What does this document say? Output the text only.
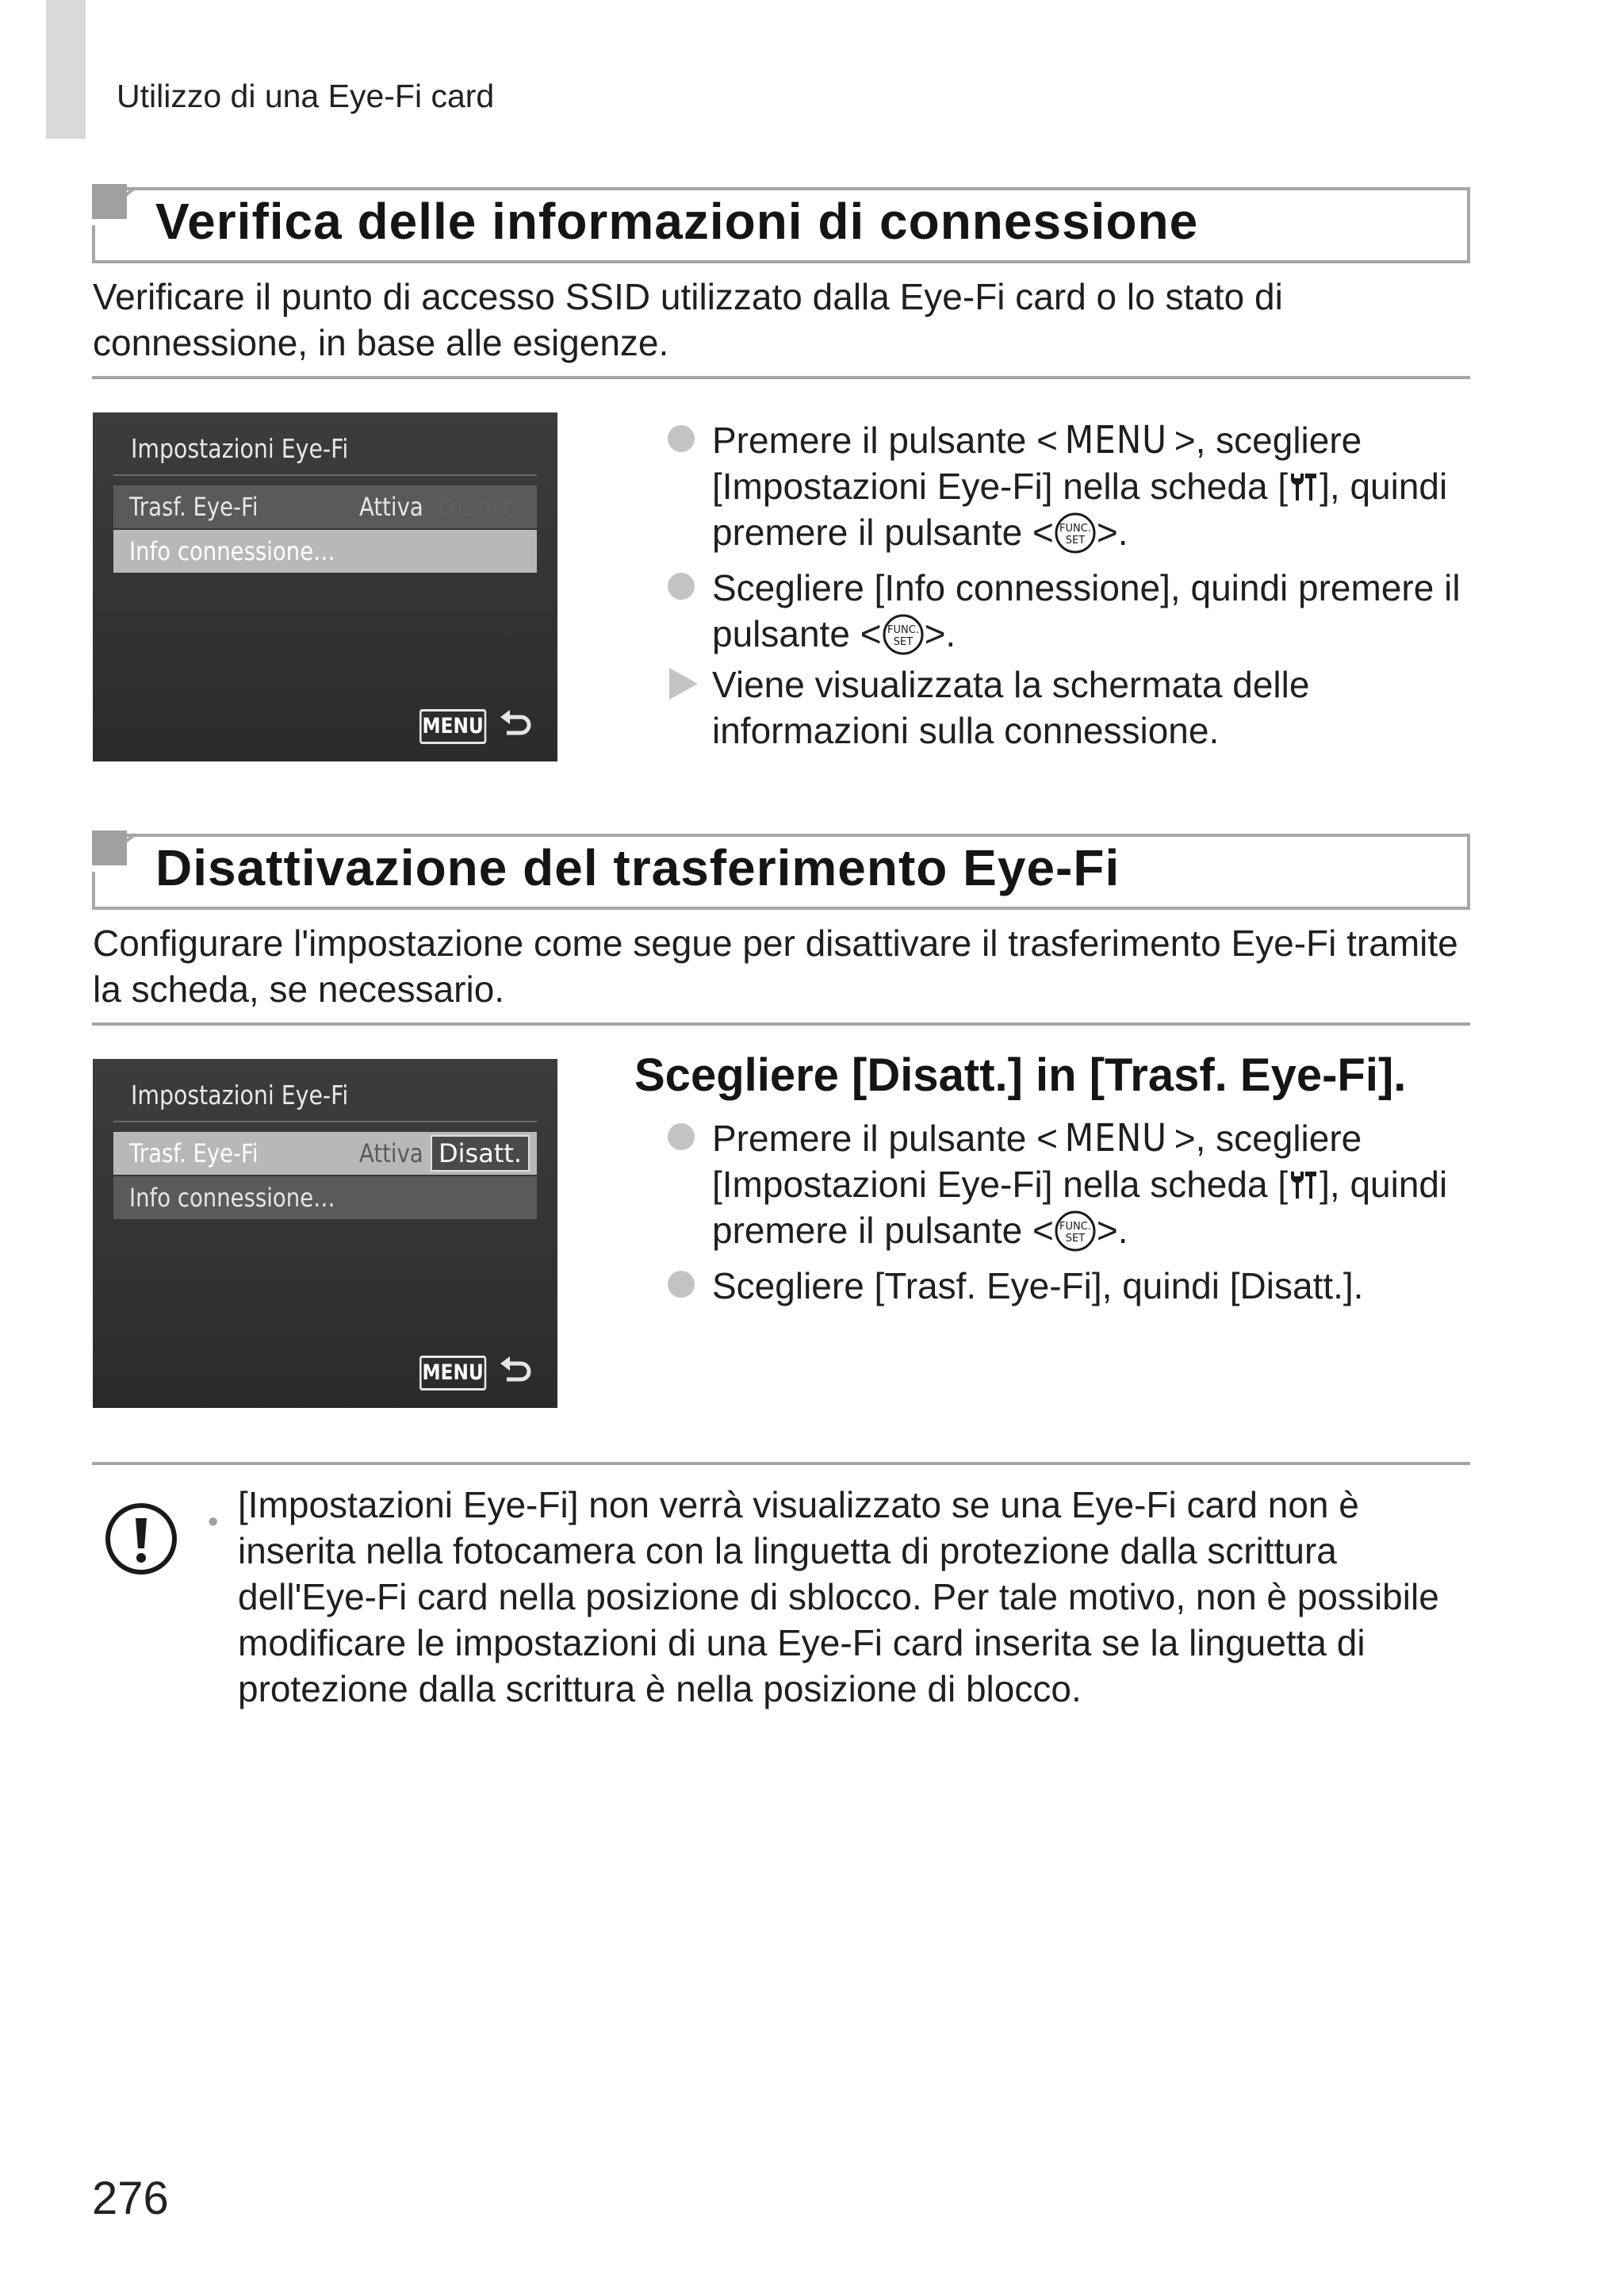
Utilizzo di una Eye-Fi card
Verifica delle informazioni di connessione
Verificare il punto di accesso SSID utilizzato dalla Eye-Fi card o lo stato di connessione, in base alle esigenze.
Impostazioni Eye-Fi
Trasf. Eye-Fi	Attiva Disatt.
Info connessione…
MENU
Premere il pulsante < MENU >, scegliere [Impostazioni Eye-Fi] nella scheda [ ], quindi premere il pulsante < FUNC.
SET >.
Scegliere [Info connessione], quindi premere il pulsante < FUNC.
SET >.
Viene visualizzata la schermata delle informazioni sulla connessione.
Disattivazione del trasferimento Eye-Fi
Configurare l'impostazione come segue per disattivare il trasferimento Eye-Fi tramite la scheda, se necessario.
Impostazioni Eye-Fi
Trasf. Eye-Fi	Attiva Disatt.
Info connessione…
MENU
Scegliere [Disatt.] in [Trasf. Eye-Fi].
Premere il pulsante < MENU >, scegliere [Impostazioni Eye-Fi] nella scheda [ ], quindi premere il pulsante < FUNC.
SET >.
Scegliere [Trasf. Eye-Fi], quindi [Disatt.].
• [Impostazioni Eye-Fi] non verrà visualizzato se una Eye-Fi card non è inserita nella fotocamera con la linguetta di protezione dalla scrittura dell'Eye-Fi card nella posizione di sblocco. Per tale motivo, non è possibile modificare le impostazioni di una Eye-Fi card inserita se la linguetta di protezione dalla scrittura è nella posizione di blocco.
276
